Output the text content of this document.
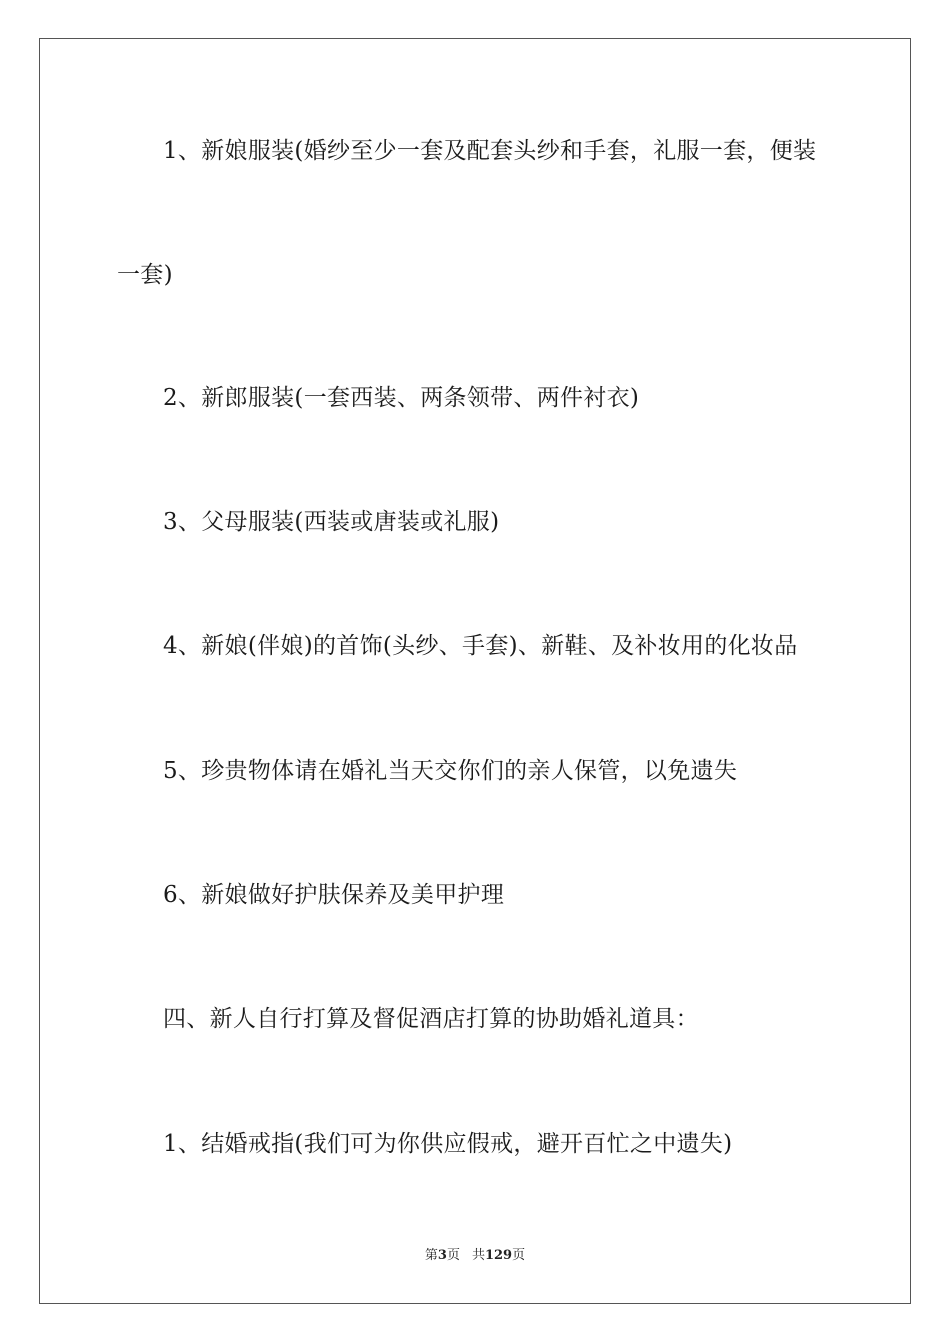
1、新娘服装(婚纱至少一套及配套头纱和手套，礼服一套，便装
一套)
2、新郎服装(一套西装、两条领带、两件衬衣)
3、父母服装(西装或唐装或礼服)
4、新娘(伴娘)的首饰(头纱、手套)、新鞋、及补妆用的化妆品
5、珍贵物体请在婚礼当天交你们的亲人保管，以免遗失
6、新娘做好护肤保养及美甲护理
四、新人自行打算及督促酒店打算的协助婚礼道具：
1、结婚戒指(我们可为你供应假戒，避开百忙之中遗失)
第3页 共129页
